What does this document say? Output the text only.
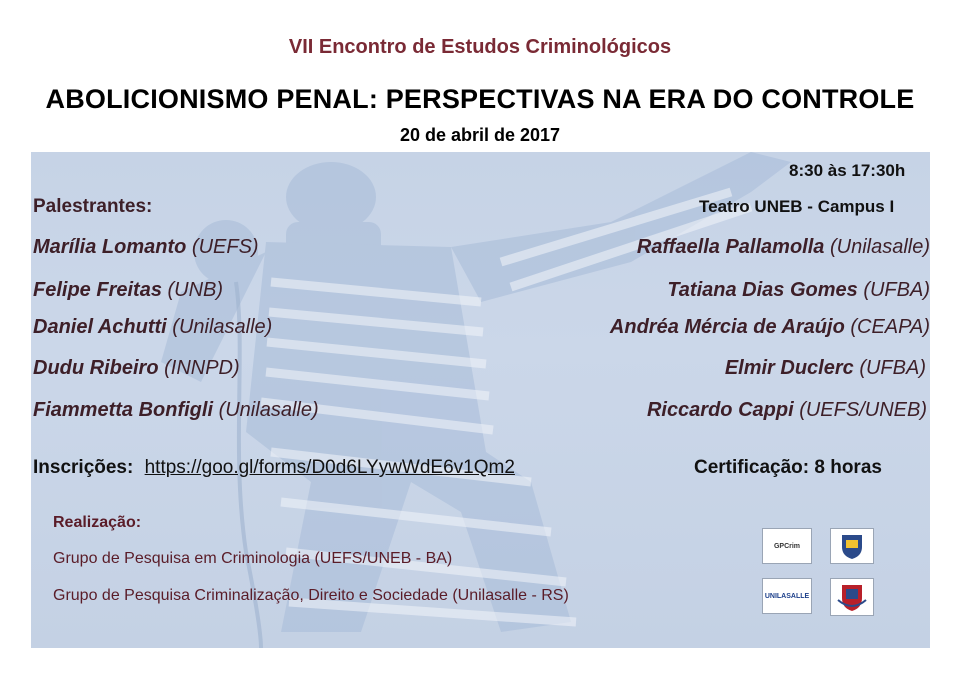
VII Encontro de Estudos Criminológicos
ABOLICIONISMO PENAL: PERSPECTIVAS NA ERA DO CONTROLE
20 de abril de 2017
8:30 às 17:30h
Teatro UNEB - Campus I
Palestrantes:
Marília Lomanto (UEFS)
Felipe Freitas (UNB)
Daniel Achutti (Unilasalle)
Dudu Ribeiro (INNPD)
Fiammetta Bonfigli (Unilasalle)
Raffaella Pallamolla (Unilasalle)
Tatiana Dias Gomes (UFBA)
Andréa Mércia de Araújo (CEAPA)
Elmir Duclerc (UFBA)
Riccardo Cappi (UEFS/UNEB)
Inscrições: https://goo.gl/forms/D0d6LYywWdE6v1Qm2	Certificação: 8 horas
Realização:
Grupo de Pesquisa em Criminologia (UEFS/UNEB - BA)
Grupo de Pesquisa Criminalização, Direito e Sociedade (Unilasalle - RS)
GPCrim
UNILASALLE
